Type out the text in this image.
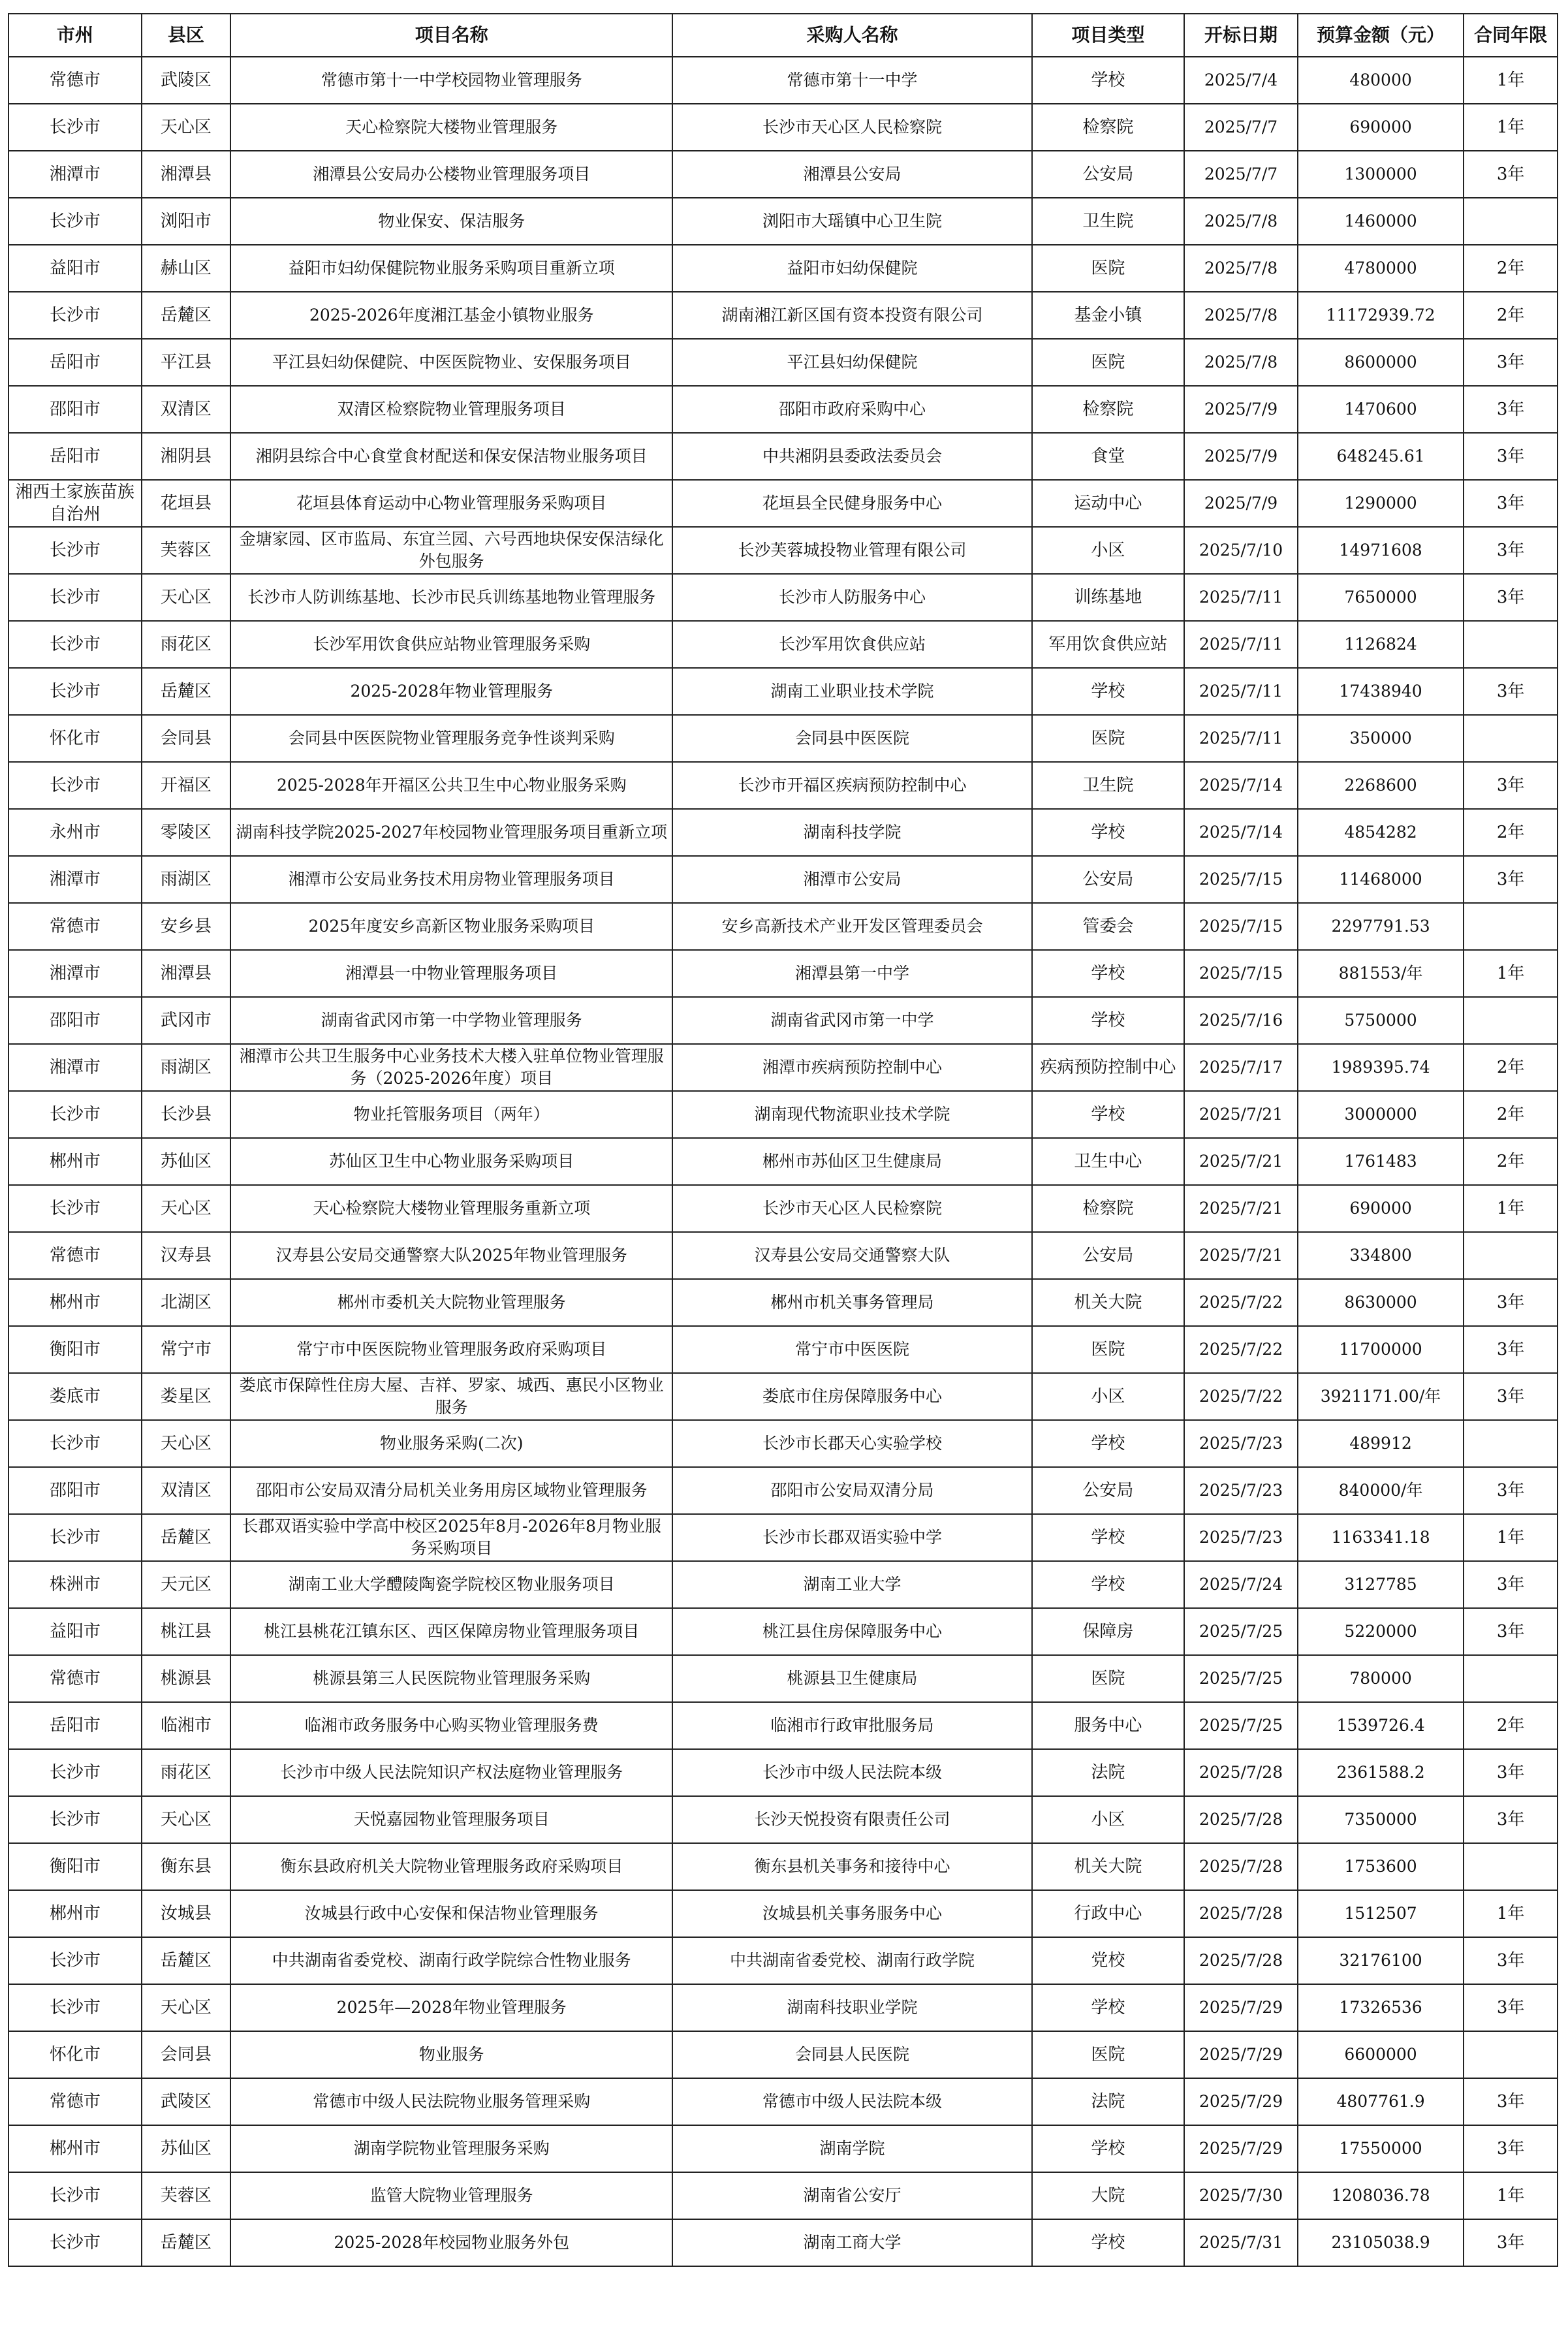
市州	县区	项目名称	采购人名称	项目类型	开标日期	预算金额（元）	合同年限
常德市	武陵区	常德市第十一中学校园物业管理服务	常德市第十一中学	学校	2025/7/4	480000	1年
长沙市	天心区	天心检察院大楼物业管理服务	长沙市天心区人民检察院	检察院	2025/7/7	690000	1年
湘潭市	湘潭县	湘潭县公安局办公楼物业管理服务项目	湘潭县公安局	公安局	2025/7/7	1300000	3年
长沙市	浏阳市	物业保安、保洁服务	浏阳市大瑶镇中心卫生院	卫生院	2025/7/8	1460000	
益阳市	赫山区	益阳市妇幼保健院物业服务采购项目重新立项	益阳市妇幼保健院	医院	2025/7/8	4780000	2年
长沙市	岳麓区	2025-2026年度湘江基金小镇物业服务	湖南湘江新区国有资本投资有限公司	基金小镇	2025/7/8	11172939.72	2年
岳阳市	平江县	平江县妇幼保健院、中医医院物业、安保服务项目	平江县妇幼保健院	医院	2025/7/8	8600000	3年
邵阳市	双清区	双清区检察院物业管理服务项目	邵阳市政府采购中心	检察院	2025/7/9	1470600	3年
岳阳市	湘阴县	湘阴县综合中心食堂食材配送和保安保洁物业服务项目	中共湘阴县委政法委员会	食堂	2025/7/9	648245.61	3年
湘西土家族苗族自治州	花垣县	花垣县体育运动中心物业管理服务采购项目	花垣县全民健身服务中心	运动中心	2025/7/9	1290000	3年
长沙市	芙蓉区	金塘家园、区市监局、东宜兰园、六号西地块保安保洁绿化外包服务	长沙芙蓉城投物业管理有限公司	小区	2025/7/10	14971608	3年
长沙市	天心区	长沙市人防训练基地、长沙市民兵训练基地物业管理服务	长沙市人防服务中心	训练基地	2025/7/11	7650000	3年
长沙市	雨花区	长沙军用饮食供应站物业管理服务采购	长沙军用饮食供应站	军用饮食供应站	2025/7/11	1126824	
长沙市	岳麓区	2025-2028年物业管理服务	湖南工业职业技术学院	学校	2025/7/11	17438940	3年
怀化市	会同县	会同县中医医院物业管理服务竞争性谈判采购	会同县中医医院	医院	2025/7/11	350000	
长沙市	开福区	2025-2028年开福区公共卫生中心物业服务采购	长沙市开福区疾病预防控制中心	卫生院	2025/7/14	2268600	3年
永州市	零陵区	湖南科技学院2025-2027年校园物业管理服务项目重新立项	湖南科技学院	学校	2025/7/14	4854282	2年
湘潭市	雨湖区	湘潭市公安局业务技术用房物业管理服务项目	湘潭市公安局	公安局	2025/7/15	11468000	3年
常德市	安乡县	2025年度安乡高新区物业服务采购项目	安乡高新技术产业开发区管理委员会	管委会	2025/7/15	2297791.53	
湘潭市	湘潭县	湘潭县一中物业管理服务项目	湘潭县第一中学	学校	2025/7/15	881553/年	1年
邵阳市	武冈市	湖南省武冈市第一中学物业管理服务	湖南省武冈市第一中学	学校	2025/7/16	5750000	
湘潭市	雨湖区	湘潭市公共卫生服务中心业务技术大楼入驻单位物业管理服务（2025-2026年度）项目	湘潭市疾病预防控制中心	疾病预防控制中心	2025/7/17	1989395.74	2年
长沙市	长沙县	物业托管服务项目（两年）	湖南现代物流职业技术学院	学校	2025/7/21	3000000	2年
郴州市	苏仙区	苏仙区卫生中心物业服务采购项目	郴州市苏仙区卫生健康局	卫生中心	2025/7/21	1761483	2年
长沙市	天心区	天心检察院大楼物业管理服务重新立项	长沙市天心区人民检察院	检察院	2025/7/21	690000	1年
常德市	汉寿县	汉寿县公安局交通警察大队2025年物业管理服务	汉寿县公安局交通警察大队	公安局	2025/7/21	334800	
郴州市	北湖区	郴州市委机关大院物业管理服务	郴州市机关事务管理局	机关大院	2025/7/22	8630000	3年
衡阳市	常宁市	常宁市中医医院物业管理服务政府采购项目	常宁市中医医院	医院	2025/7/22	11700000	3年
娄底市	娄星区	娄底市保障性住房大屋、吉祥、罗家、城西、惠民小区物业服务	娄底市住房保障服务中心	小区	2025/7/22	3921171.00/年	3年
长沙市	天心区	物业服务采购(二次)	长沙市长郡天心实验学校	学校	2025/7/23	489912	
邵阳市	双清区	邵阳市公安局双清分局机关业务用房区域物业管理服务	邵阳市公安局双清分局	公安局	2025/7/23	840000/年	3年
长沙市	岳麓区	长郡双语实验中学高中校区2025年8月-2026年8月物业服务采购项目	长沙市长郡双语实验中学	学校	2025/7/23	1163341.18	1年
株洲市	天元区	湖南工业大学醴陵陶瓷学院校区物业服务项目	湖南工业大学	学校	2025/7/24	3127785	3年
益阳市	桃江县	桃江县桃花江镇东区、西区保障房物业管理服务项目	桃江县住房保障服务中心	保障房	2025/7/25	5220000	3年
常德市	桃源县	桃源县第三人民医院物业管理服务采购	桃源县卫生健康局	医院	2025/7/25	780000	
岳阳市	临湘市	临湘市政务服务中心购买物业管理服务费	临湘市行政审批服务局	服务中心	2025/7/25	1539726.4	2年
长沙市	雨花区	长沙市中级人民法院知识产权法庭物业管理服务	长沙市中级人民法院本级	法院	2025/7/28	2361588.2	3年
长沙市	天心区	天悦嘉园物业管理服务项目	长沙天悦投资有限责任公司	小区	2025/7/28	7350000	3年
衡阳市	衡东县	衡东县政府机关大院物业管理服务政府采购项目	衡东县机关事务和接待中心	机关大院	2025/7/28	1753600	
郴州市	汝城县	汝城县行政中心安保和保洁物业管理服务	汝城县机关事务服务中心	行政中心	2025/7/28	1512507	1年
长沙市	岳麓区	中共湖南省委党校、湖南行政学院综合性物业服务	中共湖南省委党校、湖南行政学院	党校	2025/7/28	32176100	3年
长沙市	天心区	2025年—2028年物业管理服务	湖南科技职业学院	学校	2025/7/29	17326536	3年
怀化市	会同县	物业服务	会同县人民医院	医院	2025/7/29	6600000	
常德市	武陵区	常德市中级人民法院物业服务管理采购	常德市中级人民法院本级	法院	2025/7/29	4807761.9	3年
郴州市	苏仙区	湖南学院物业管理服务采购	湖南学院	学校	2025/7/29	17550000	3年
长沙市	芙蓉区	监管大院物业管理服务	湖南省公安厅	大院	2025/7/30	1208036.78	1年
长沙市	岳麓区	2025-2028年校园物业服务外包	湖南工商大学	学校	2025/7/31	23105038.9	3年
